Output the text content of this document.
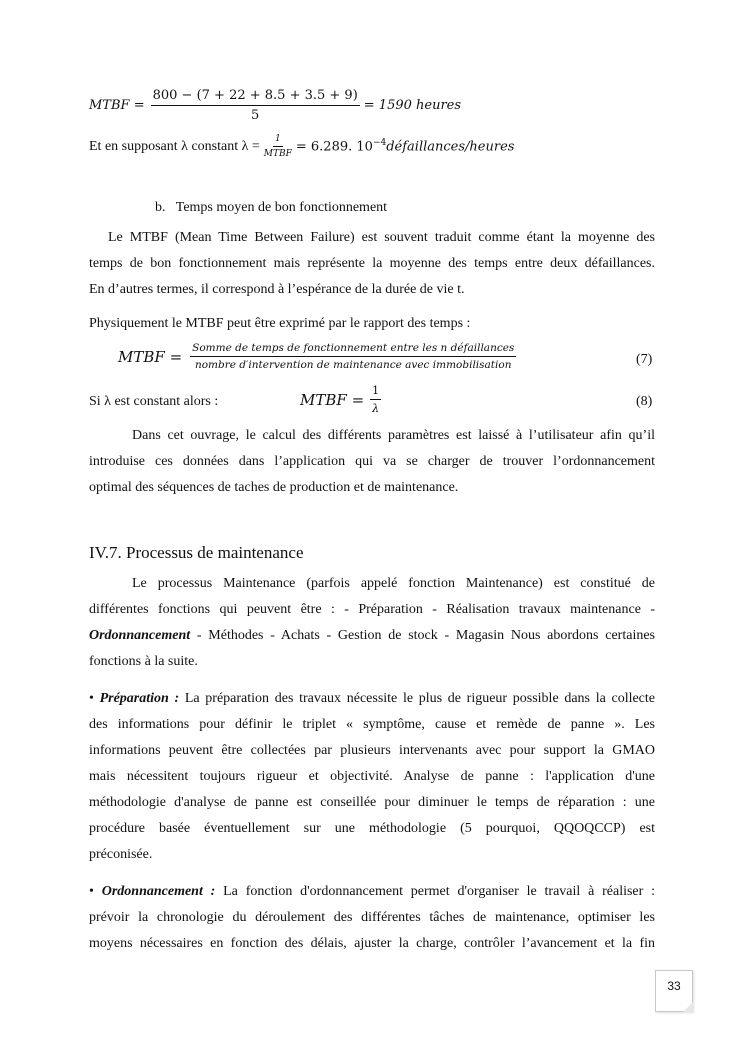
MTBF = $\frac{800 - (7 + 22 + 8.5 + 3.5 + 9)}{5} = 1590$ heures
Et en supposant λ constant $\lambda = \frac{1}{\text{MTBF}} = 6.289$. $10^{-4}défaillances$/heures
b.   Temps moyen de bon fonctionnement
Le MTBF (Mean Time Between Failure) est souvent traduit comme étant la moyenne des
temps de bon fonctionnement mais représente la moyenne des temps entre deux défaillances.
En d’autres termes, il correspond à l’espérance de la durée de vie t.
Physiquement le MTBF peut être exprimé par le rapport des temps :
MTBF = $\frac{\text{Somme de temps de fonctionnement entre les n défaillances}}{\text{nombre d′intervention de maintenance avec immobilisation}}$	(7)
Si λ est constant alors :	MTBF = $\frac{1}{\lambda}$	(8)
Dans cet ouvrage, le calcul des différents paramètres est laissé à l’utilisateur afin qu’il
introduise ces données dans l’application qui va se charger de trouver l’ordonnancement
optimal des séquences de taches de production et de maintenance.
IV.7. Processus de maintenance
Le processus Maintenance (parfois appelé fonction Maintenance) est constitué de
différentes fonctions qui peuvent être : - Préparation - Réalisation travaux maintenance -
Ordonnancement - Méthodes - Achats - Gestion de stock - Magasin Nous abordons certaines
fonctions à la suite.
• Préparation : La préparation des travaux nécessite le plus de rigueur possible dans la collecte
des informations pour définir le triplet « symptôme, cause et remède de panne ». Les
informations peuvent être collectées par plusieurs intervenants avec pour support la GMAO
mais nécessitent toujours rigueur et objectivité. Analyse de panne : l'application d'une
méthodologie d'analyse de panne est conseillée pour diminuer le temps de réparation : une
procédure basée éventuellement sur une méthodologie (5 pourquoi, QQOQCCP) est
préconisée.
• Ordonnancement : La fonction d'ordonnancement permet d'organiser le travail à réaliser :
prévoir la chronologie du déroulement des différentes tâches de maintenance, optimiser les
moyens nécessaires en fonction des délais, ajuster la charge, contrôler l’avancement et la fin
33
